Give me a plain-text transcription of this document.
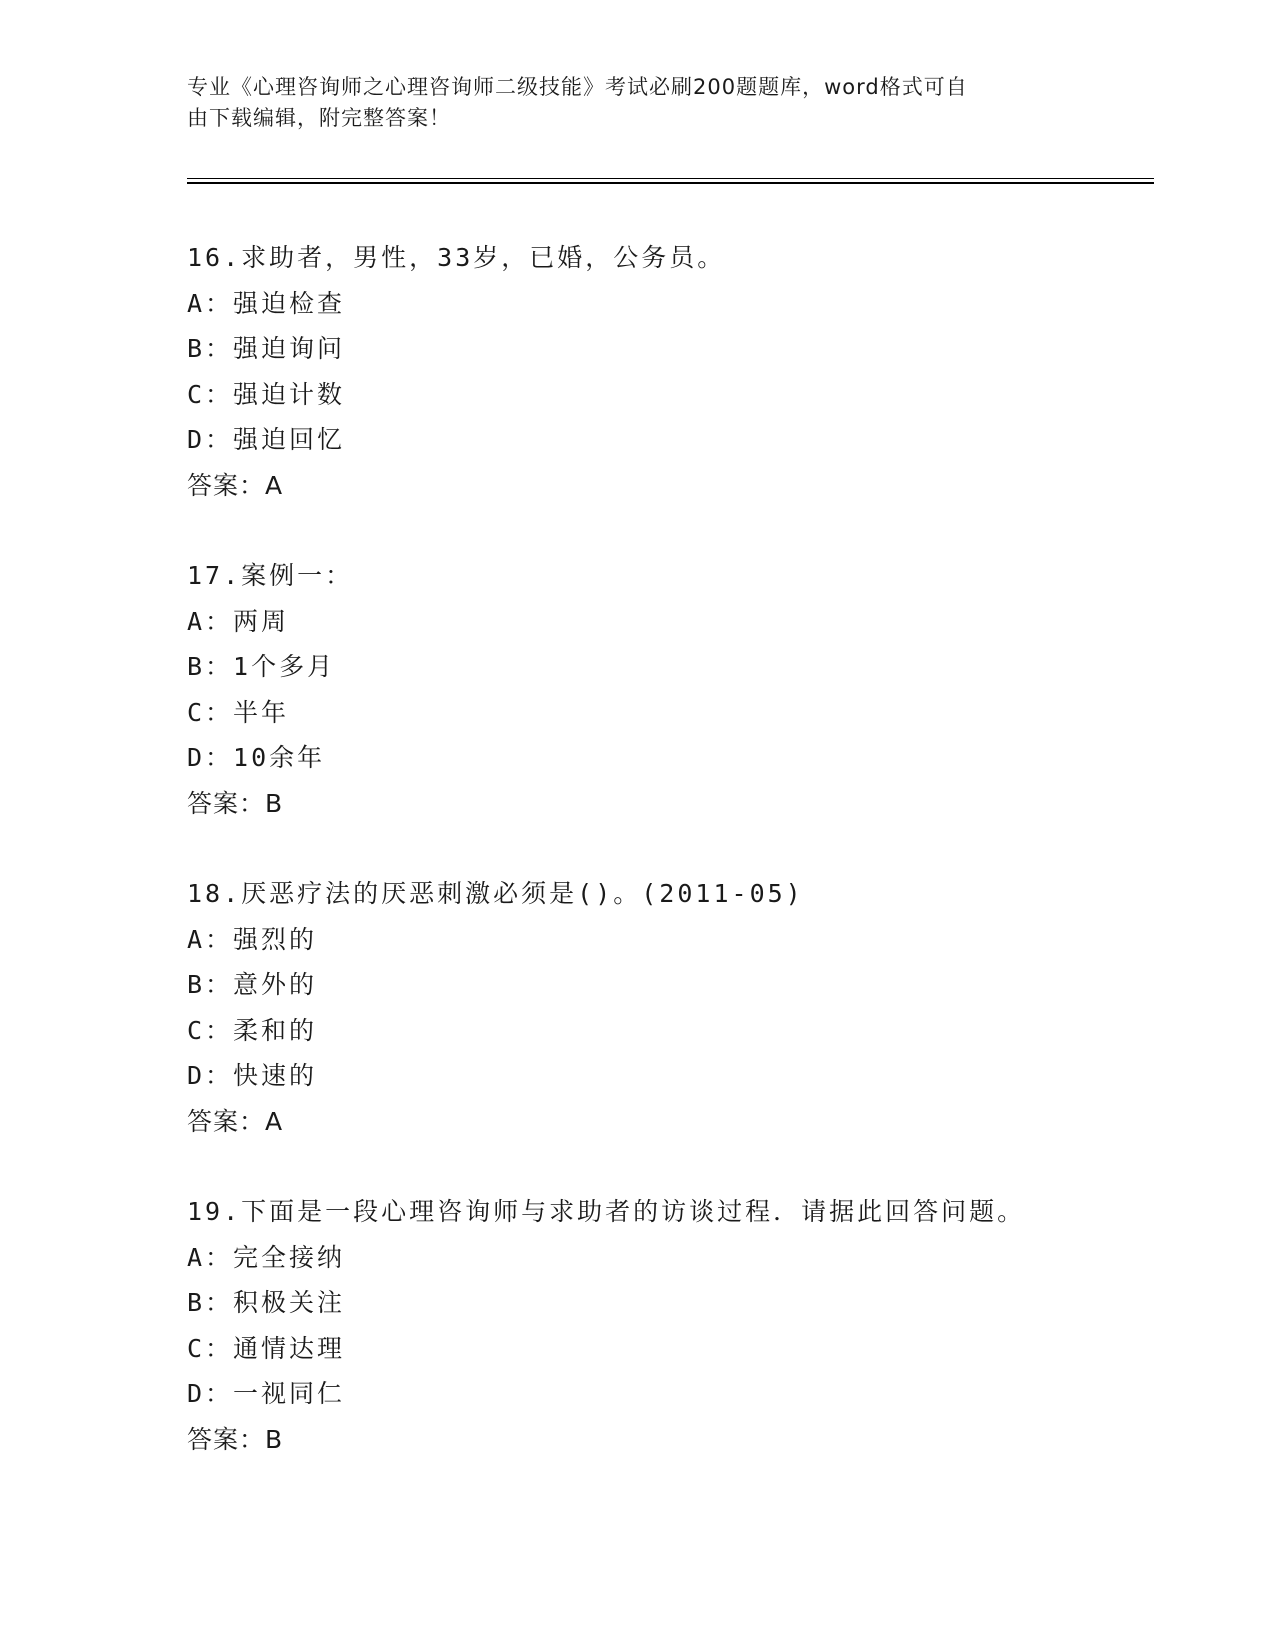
专业《心理咨询师之心理咨询师二级技能》考试必刷200题题库，word格式可自
由下载编辑，附完整答案！
16.求助者，男性，33岁，已婚，公务员。
A：强迫检查
B：强迫询问
C：强迫计数
D：强迫回忆
答案：A
17.案例一：
A：两周
B：1个多月
C：半年
D：10余年
答案：B
18.厌恶疗法的厌恶刺激必须是()。(2011-05)
A：强烈的
B：意外的
C：柔和的
D：快速的
答案：A
19.下面是一段心理咨询师与求助者的访谈过程．请据此回答问题。
A：完全接纳
B：积极关注
C：通情达理
D：一视同仁
答案：B
